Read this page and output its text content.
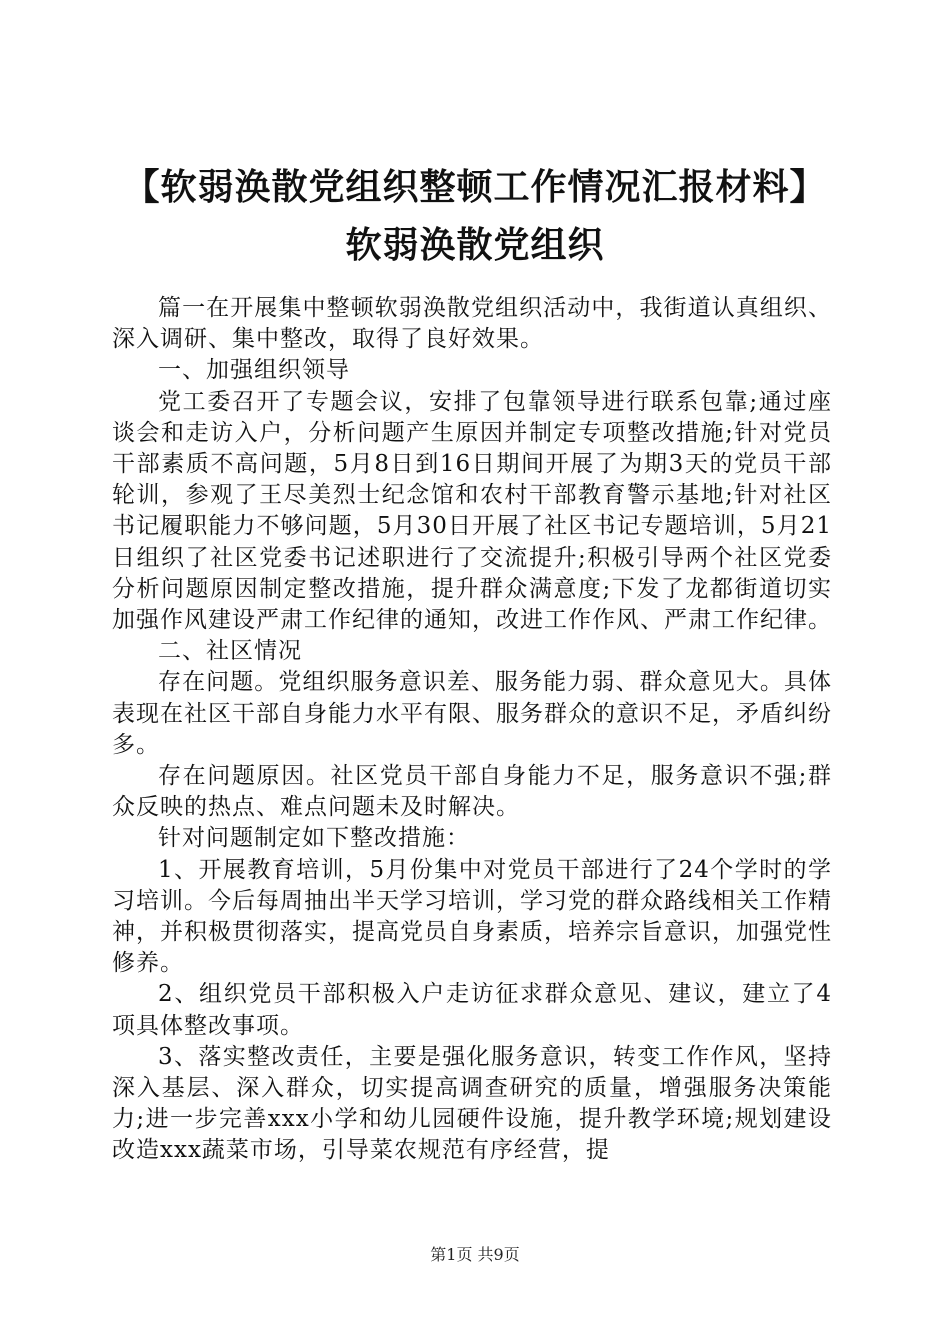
【软弱涣散党组织整顿工作情况汇报材料】软弱涣散党组织

篇一在开展集中整顿软弱涣散党组织活动中，我街道认真组织、深入调研、集中整改，取得了良好效果。

一、加强组织领导

党工委召开了专题会议，安排了包靠领导进行联系包靠;通过座谈会和走访入户，分析问题产生原因并制定专项整改措施;针对党员干部素质不高问题，5月8日到16日期间开展了为期3天的党员干部轮训，参观了王尽美烈士纪念馆和农村干部教育警示基地;针对社区书记履职能力不够问题，5月30日开展了社区书记专题培训，5月21日组织了社区党委书记述职进行了交流提升;积极引导两个社区党委分析问题原因制定整改措施，提升群众满意度;下发了龙都街道切实加强作风建设严肃工作纪律的通知，改进工作作风、严肃工作纪律。

二、社区情况

存在问题。党组织服务意识差、服务能力弱、群众意见大。具体表现在社区干部自身能力水平有限、服务群众的意识不足，矛盾纠纷多。

存在问题原因。社区党员干部自身能力不足，服务意识不强;群众反映的热点、难点问题未及时解决。

针对问题制定如下整改措施：

1、开展教育培训，5月份集中对党员干部进行了24个学时的学习培训。今后每周抽出半天学习培训，学习党的群众路线相关工作精神，并积极贯彻落实，提高党员自身素质，培养宗旨意识，加强党性修养。

2、组织党员干部积极入户走访征求群众意见、建议，建立了4项具体整改事项。

3、落实整改责任，主要是强化服务意识，转变工作作风，坚持深入基层、深入群众，切实提高调查研究的质量，增强服务决策能力;进一步完善xxx小学和幼儿园硬件设施，提升教学环境;规划建设改造xxx蔬菜市场，引导菜农规范有序经营，提

第1页 共9页
